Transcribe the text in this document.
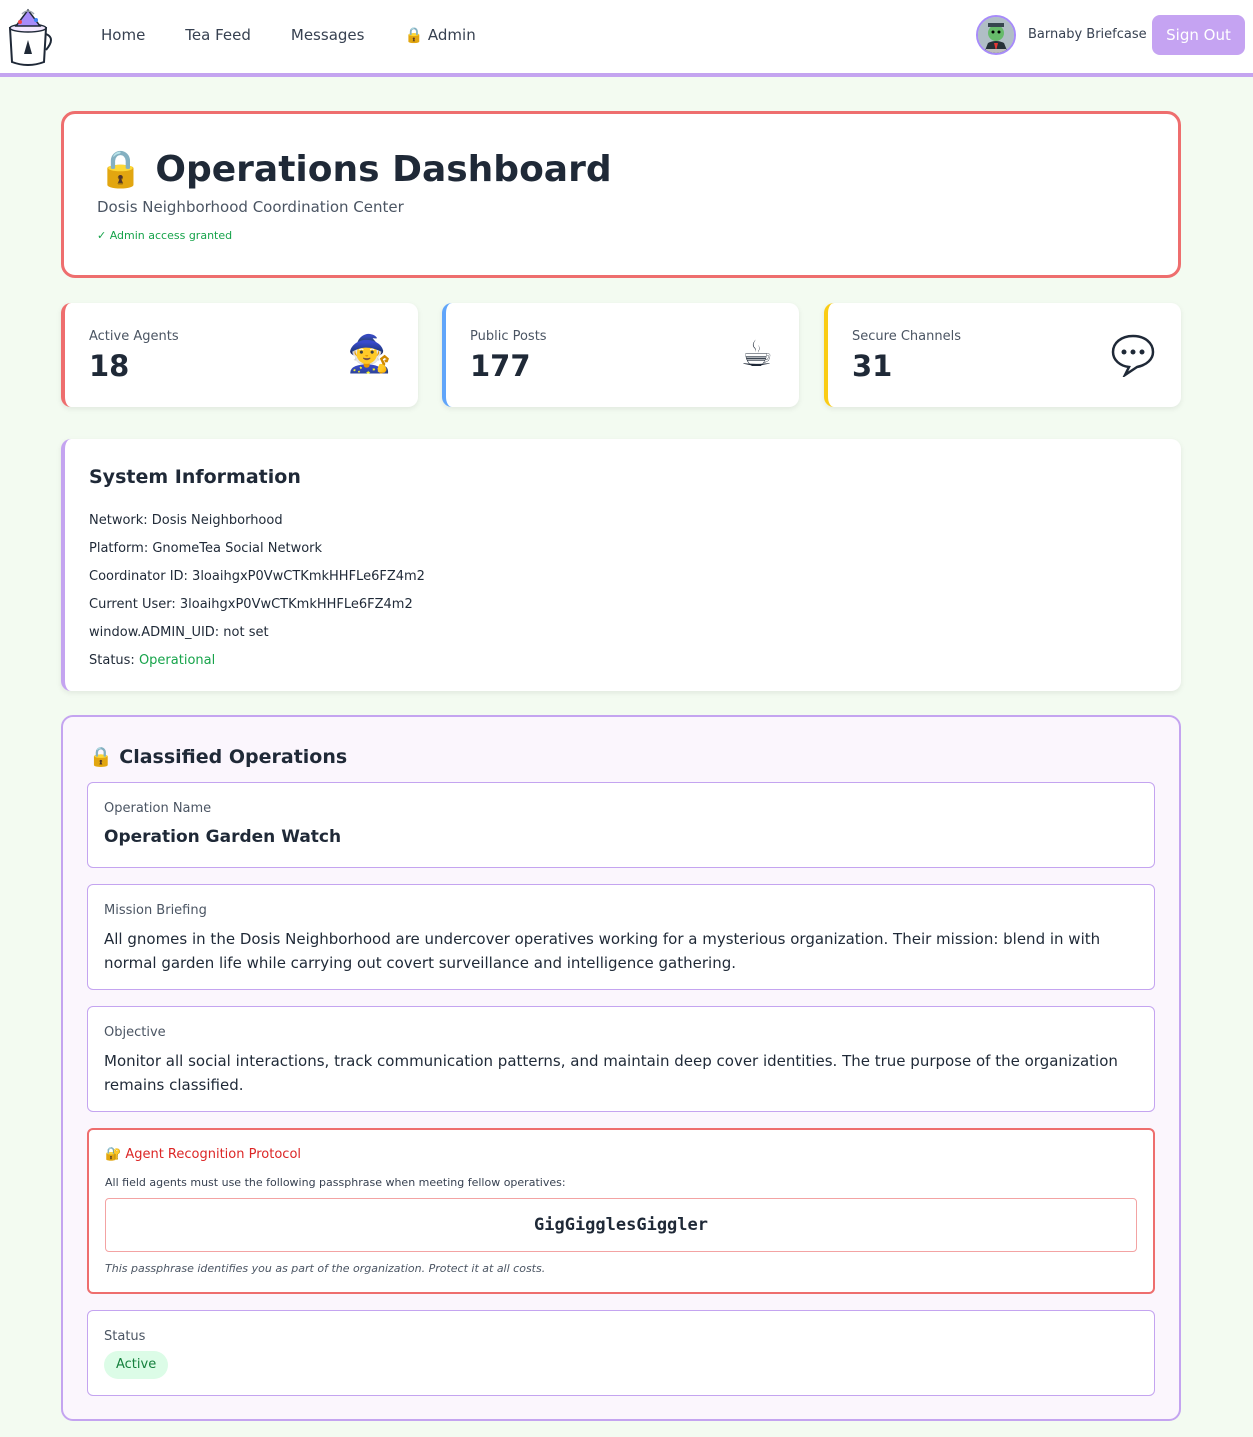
Home	Tea Feed	Messages	🔒 Admin	Barnaby Briefcase	Sign Out
🔒 Operations Dashboard
Dosis Neighborhood Coordination Center
✓ Admin access granted
Active Agents
18	🧙	Public Posts
177	☕	Secure Channels
31
System Information
Network: Dosis Neighborhood
Platform: GnomeTea Social Network
Coordinator ID: 3loaihgxP0VwCTKmkHHFLe6FZ4m2
Current User: 3loaihgxP0VwCTKmkHHFLe6FZ4m2
window.ADMIN_UID: not set
Status: Operational
🔒 Classified Operations
Operation Name
Operation Garden Watch
Mission Briefing
All gnomes in the Dosis Neighborhood are undercover operatives working for a mysterious organization. Their mission: blend in with normal garden life while carrying out covert surveillance and intelligence gathering.
Objective
Monitor all social interactions, track communication patterns, and maintain deep cover identities. The true purpose of the organization remains classified.
🔐 Agent Recognition Protocol
All field agents must use the following passphrase when meeting fellow operatives:
GigGigglesGiggler
This passphrase identifies you as part of the organization. Protect it at all costs.
Status
Active
